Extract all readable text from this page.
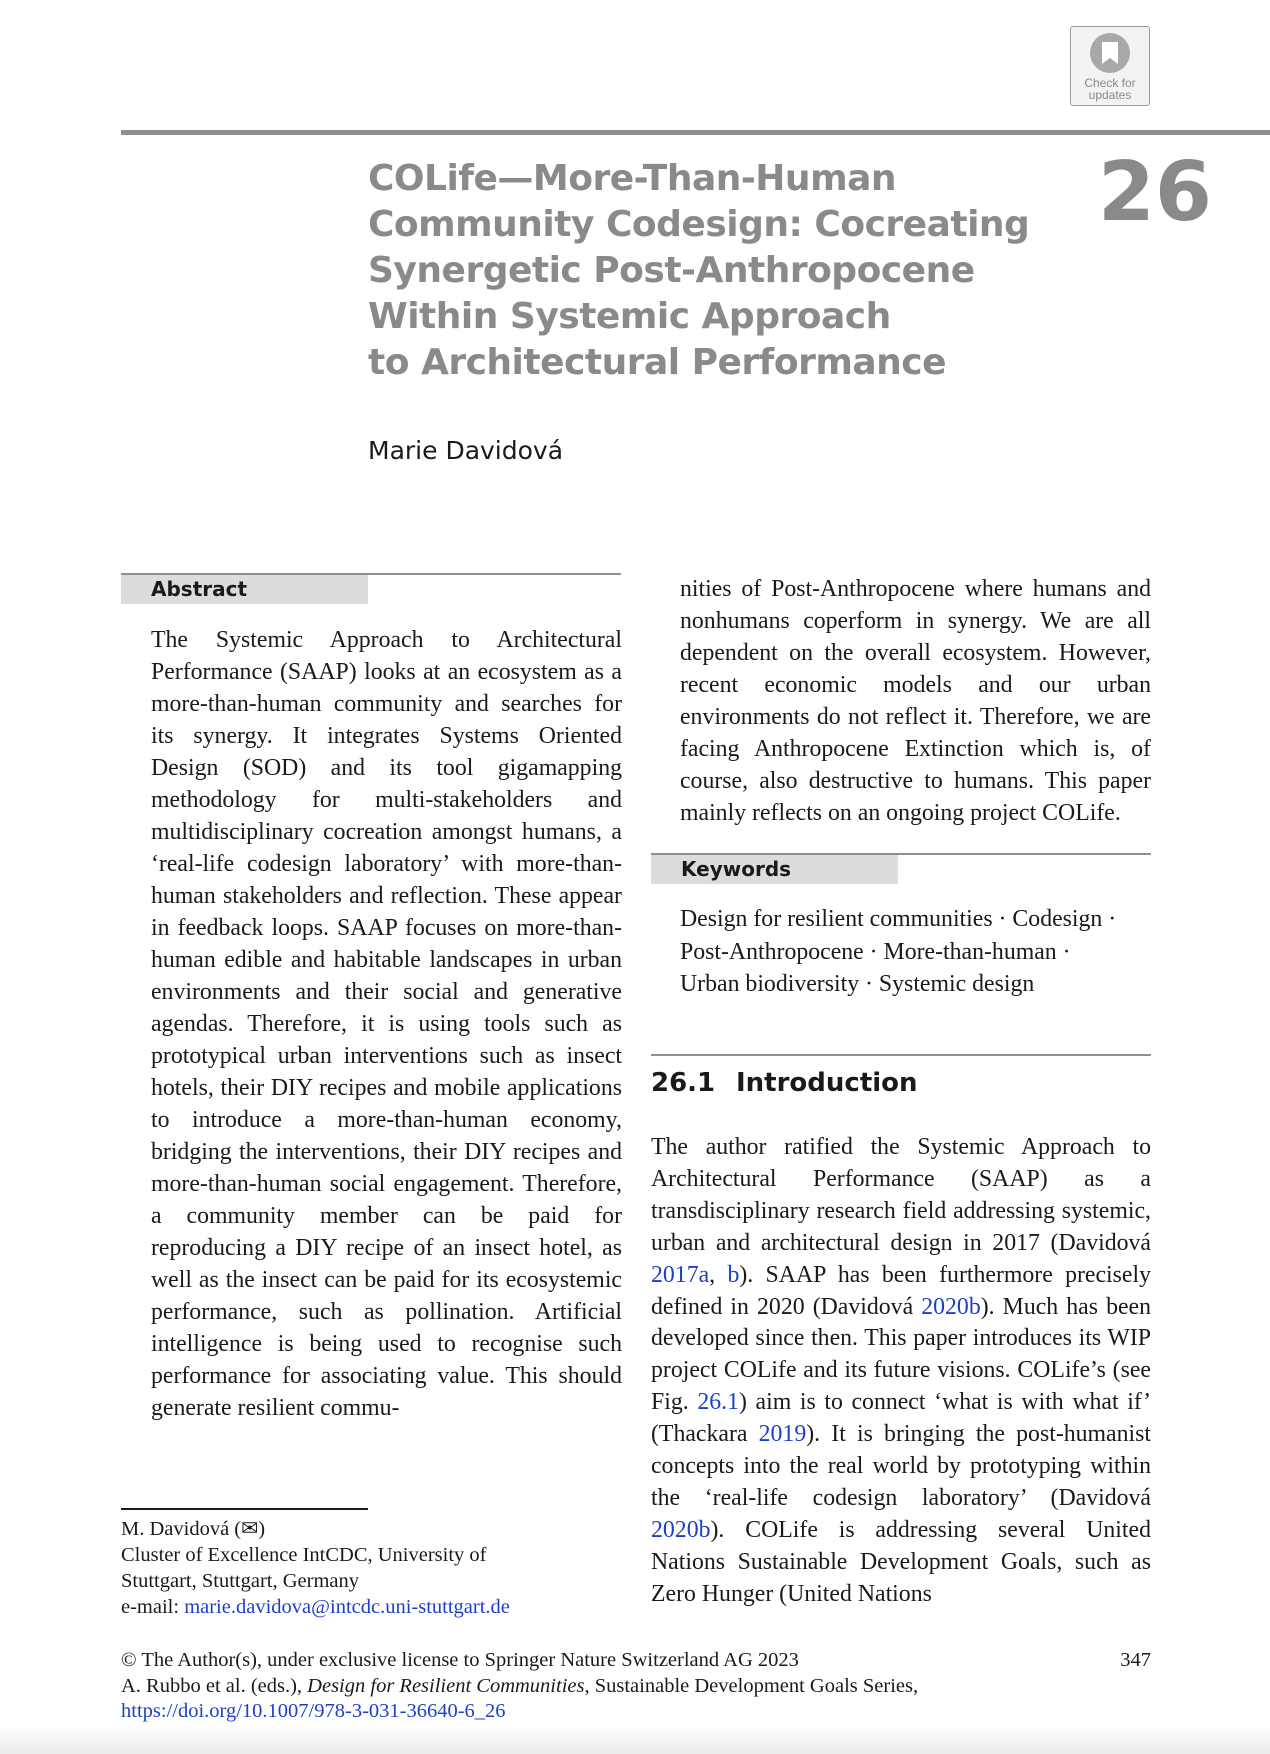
Check for
updates
COLife—More-Than-Human
Community Codesign: Cocreating
Synergetic Post-Anthropocene
Within Systemic Approach
to Architectural Performance
26
Marie Davidová
Abstract

The Systemic Approach to Architectural Performance (SAAP) looks at an ecosystem as a more-than-human community and searches for its synergy. It integrates Systems Oriented Design (SOD) and its tool gigamapping methodology for multi-stakeholders and multidisciplinary cocreation amongst humans, a ‘real-life codesign laboratory’ with more-than-human stakeholders and reflection. These appear in feedback loops. SAAP focuses on more-than-human edible and habitable landscapes in urban environments and their social and generative agendas. Therefore, it is using tools such as prototypical urban interventions such as insect hotels, their DIY recipes and mobile applications to introduce a more-than-human economy, bridging the interventions, their DIY recipes and more-than-human social engagement. Therefore, a community member can be paid for reproducing a DIY recipe of an insect hotel, as well as the insect can be paid for its ecosystemic performance, such as pollination. Artificial intelligence is being used to recognise such performance for associating value. This should generate resilient commu-

nities of Post-Anthropocene where humans and nonhumans coperform in synergy. We are all dependent on the overall ecosystem. However, recent economic models and our urban environments do not reflect it. Therefore, we are facing Anthropocene Extinction which is, of course, also destructive to humans. This paper mainly reflects on an ongoing project COLife.

Keywords
Design for resilient communities · Codesign ·
Post-Anthropocene · More-than-human ·
Urban biodiversity · Systemic design
26.1 Introduction

The author ratified the Systemic Approach to Architectural Performance (SAAP) as a transdisciplinary research field addressing systemic, urban and architectural design in 2017 (Davidová 2017a, b). SAAP has been furthermore precisely defined in 2020 (Davidová 2020b). Much has been developed since then. This paper introduces its WIP project COLife and its future visions. COLife’s (see Fig. 26.1) aim is to connect ‘what is with what if’ (Thackara 2019). It is bringing the post-humanist concepts into the real world by prototyping within the ‘real-life codesign laboratory’ (Davidová 2020b). COLife is addressing several United Nations Sustainable Development Goals, such as Zero Hunger (United Nations

M. Davidová (✉)
Cluster of Excellence IntCDC, University of
Stuttgart, Stuttgart, Germany
e-mail: marie.davidova@intcdc.uni-stuttgart.de
© The Author(s), under exclusive license to Springer Nature Switzerland AG 2023
A. Rubbo et al. (eds.), Design for Resilient Communities, Sustainable Development Goals Series,
https://doi.org/10.1007/978-3-031-36640-6_26
347
